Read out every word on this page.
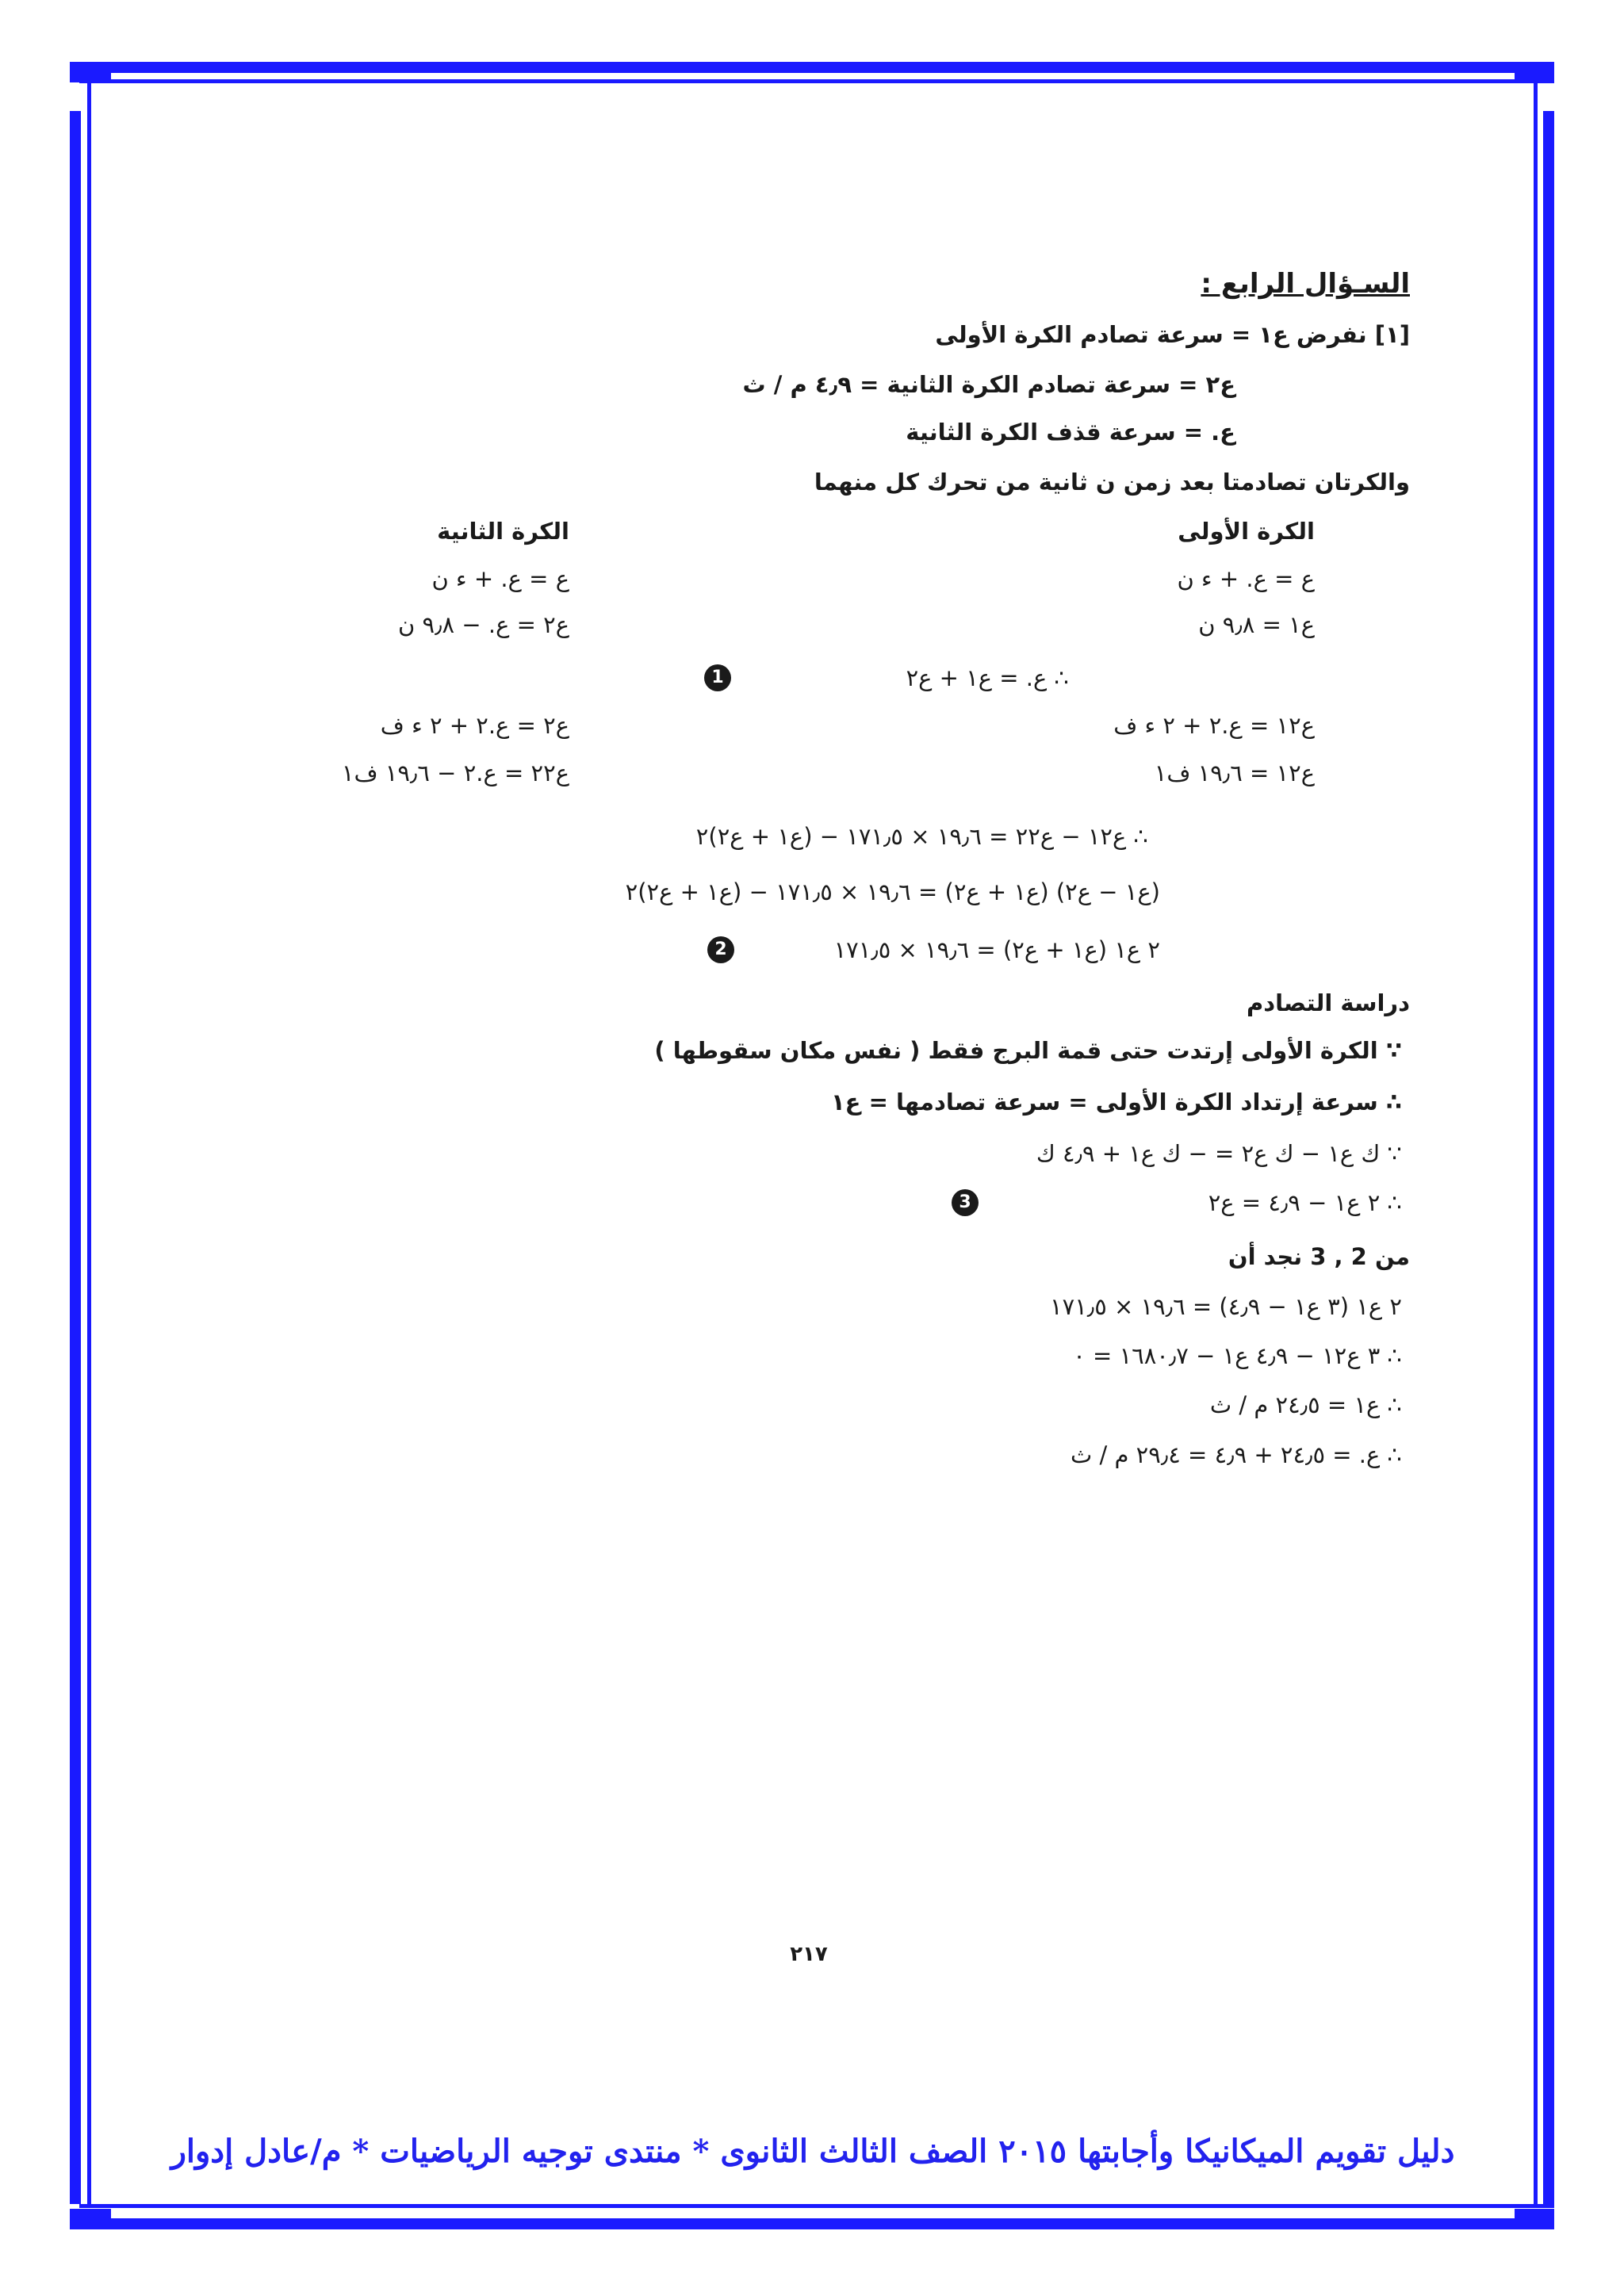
السـؤال الرابع :
[١] نفرض ع١ = سرعة تصادم الكرة الأولى
ع٢ = سرعة تصادم الكرة الثانية = ٤٫٩ م / ث
ع. = سرعة قذف الكرة الثانية
والكرتان تصادمتا بعد زمن ن ثانية من تحرك كل منهما
الكرة الأولى
الكرة الثانية
ع = ع. + ء ن
ع = ع. + ء ن
ع١ = ٩٫٨ ن
ع٢ = ع. − ٩٫٨ ن
∴ ع. = ع١ + ع٢
1
ع١٢ = ع.٢ + ٢ ء ف
ع٢ = ع.٢ + ٢ ء ف
ع١٢ = ١٩٫٦ ف١
ع٢٢ = ع.٢ − ١٩٫٦ ف١
∴ ع١٢ − ع٢٢ = ١٩٫٦ × ١٧١٫٥ − (ع١ + ع٢)٢
(ع١ − ع٢) (ع١ + ع٢) = ١٩٫٦ × ١٧١٫٥ − (ع١ + ع٢)٢
٢ ع١ (ع١ + ع٢) = ١٩٫٦ × ١٧١٫٥
2
دراسة التصادم
∵ الكرة الأولى إرتدت حتى قمة البرج فقط ( نفس مكان سقوطها )
∴ سرعة إرتداد الكرة الأولى = سرعة تصادمها = ع١
∵ ك ع١ − ك ع٢ = − ك ع١ + ٤٫٩ ك
∴ ٢ ع١ − ٤٫٩ = ع٢
3
من 2 , 3 نجد أن
٢ ع١ (٣ ع١ − ٤٫٩) = ١٩٫٦ × ١٧١٫٥
∴ ٣ ع١٢ − ٤٫٩ ع١ − ١٦٨٠٫٧ = ٠
∴ ع١ = ٢٤٫٥ م / ث
∴ ع. = ٢٤٫٥ + ٤٫٩ = ٢٩٫٤ م / ث
٢١٧
دليل تقويم الميكانيكا وأجابتها ٢٠١٥ الصف الثالث الثانوى * منتدى توجيه الرياضيات * م/عادل إدوار
